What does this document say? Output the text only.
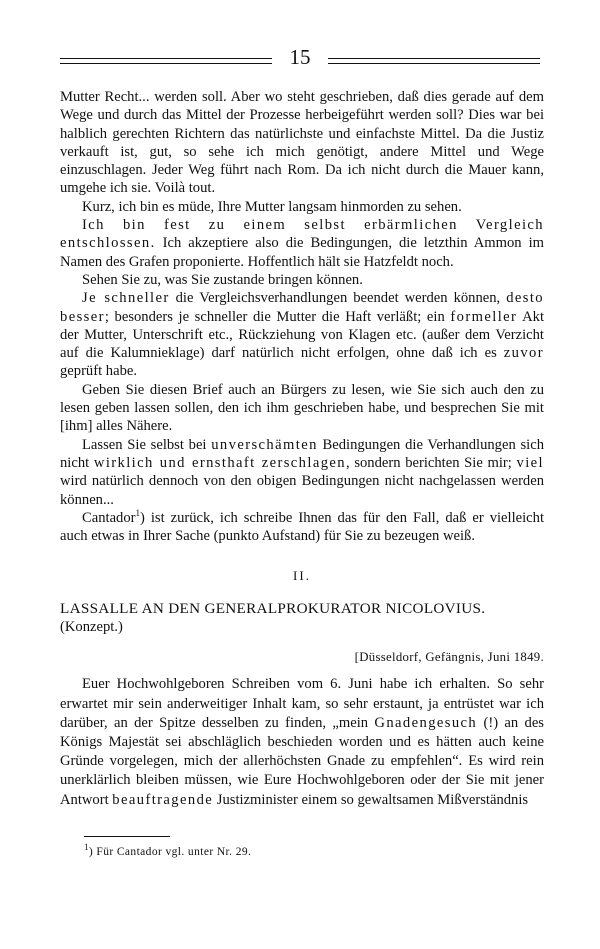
15

Mutter Recht... werden soll. Aber wo steht geschrieben, daß dies gerade auf dem Wege und durch das Mittel der Prozesse herbeigeführt werden soll? Dies war bei halblich gerechten Richtern das natürlichste und einfachste Mittel. Da die Justiz verkauft ist, gut, so sehe ich mich genötigt, andere Mittel und Wege einzuschlagen. Jeder Weg führt nach Rom. Da ich nicht durch die Mauer kann, umgehe ich sie. Voilà tout.

Kurz, ich bin es müde, Ihre Mutter langsam hinmorden zu sehen.

Ich bin fest zu einem selbst erbärmlichen Vergleich entschlossen. Ich akzeptiere also die Bedingungen, die letzthin Ammon im Namen des Grafen proponierte. Hoffentlich hält sie Hatzfeldt noch.

Sehen Sie zu, was Sie zustande bringen können.

Je schneller die Vergleichsverhandlungen beendet werden können, desto besser; besonders je schneller die Mutter die Haft verläßt; ein formeller Akt der Mutter, Unterschrift etc., Rückziehung von Klagen etc. (außer dem Verzicht auf die Kalumnieklage) darf natürlich nicht erfolgen, ohne daß ich es zuvor geprüft habe.

Geben Sie diesen Brief auch an Bürgers zu lesen, wie Sie sich auch den zu lesen geben lassen sollen, den ich ihm geschrieben habe, und besprechen Sie mit [ihm] alles Nähere.

Lassen Sie selbst bei unverschämten Bedingungen die Verhandlungen sich nicht wirklich und ernsthaft zerschlagen, sondern berichten Sie mir; viel wird natürlich dennoch von den obigen Bedingungen nicht nachgelassen werden können...

Cantador$^1$) ist zurück, ich schreibe Ihnen das für den Fall, daß er vielleicht auch etwas in Ihrer Sache (punkto Aufstand) für Sie zu bezeugen weiß.

II.

LASSALLE AN DEN GENERALPROKURATOR NICOLOVIUS.

(Konzept.)

[Düsseldorf, Gefängnis, Juni 1849.

Euer Hochwohlgeboren Schreiben vom 6. Juni habe ich erhalten. So sehr erwartet mir sein anderweitiger Inhalt kam, so sehr erstaunt, ja entrüstet war ich darüber, an der Spitze desselben zu finden, „mein Gnadengesuch (!) an des Königs Majestät sei abschläglich beschieden worden und es hätten auch keine Gründe vorgelegen, mich der allerhöchsten Gnade zu empfehlen“. Es wird rein unerklärlich bleiben müssen, wie Eure Hochwohlgeboren oder der Sie mit jener Antwort beauftragende Justizminister einem so gewaltsamen Mißverständnis

$^1$) Für Cantador vgl. unter Nr. 29.
